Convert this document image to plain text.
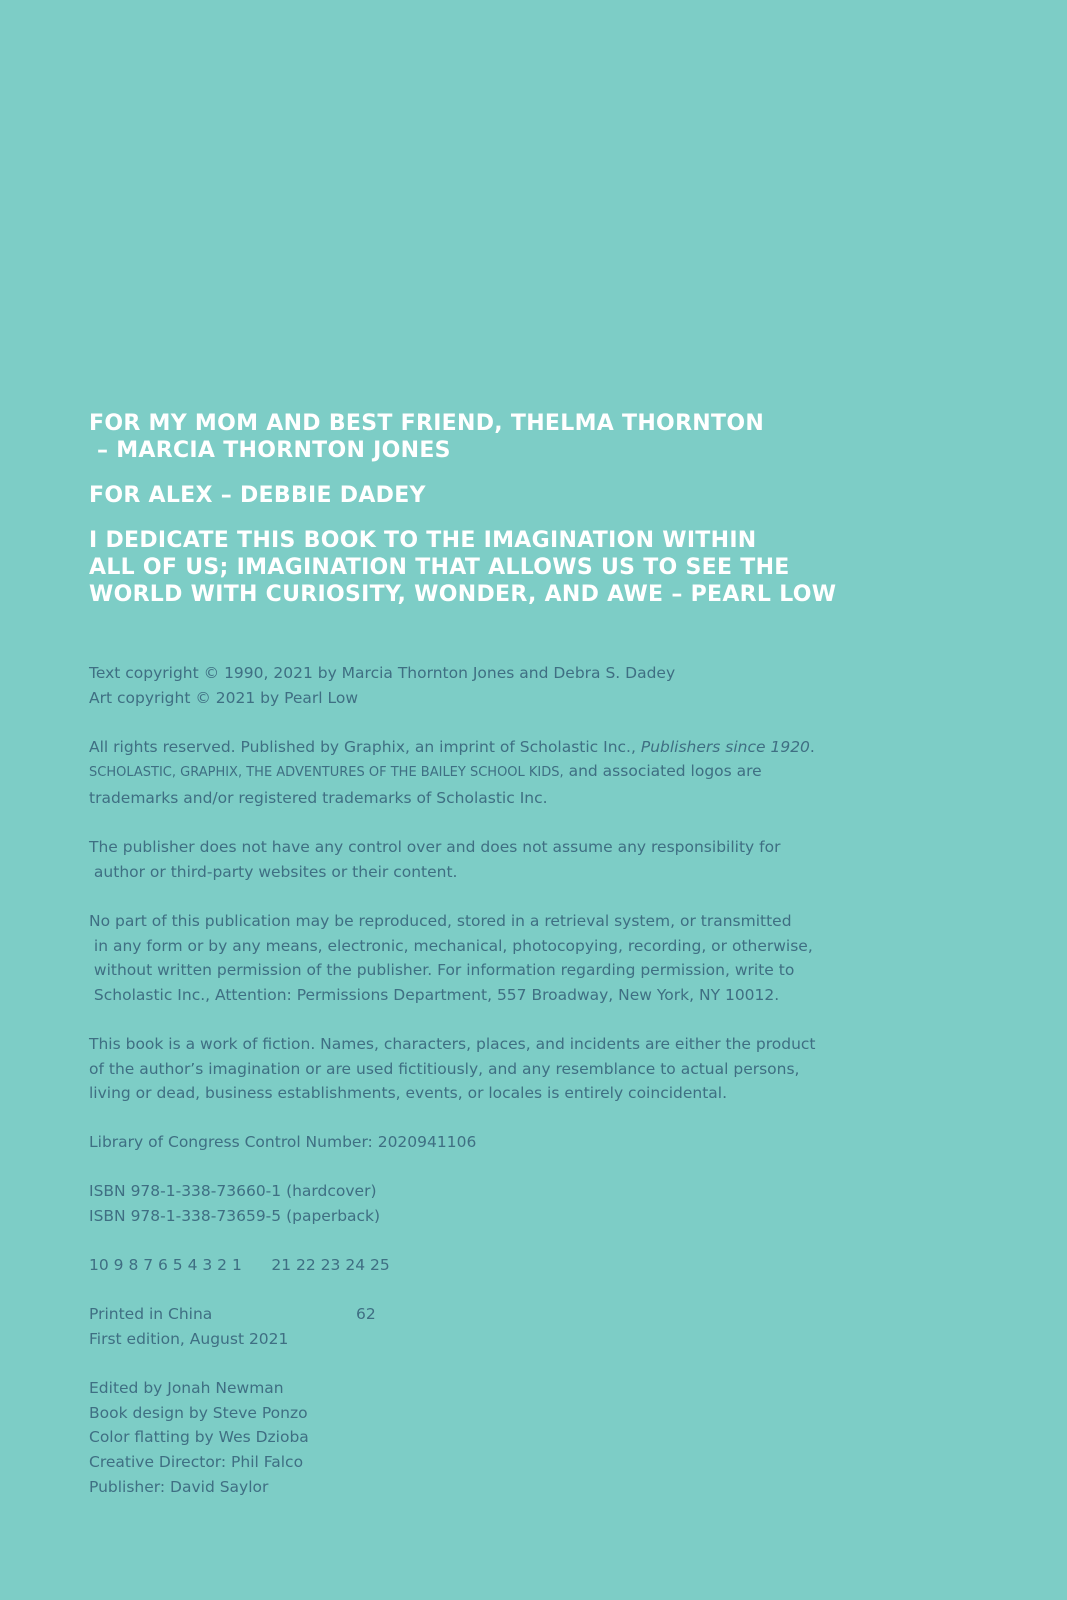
FOR MY MOM AND BEST FRIEND, THELMA THORNTON
– MARCIA THORNTON JONES
FOR ALEX – DEBBIE DADEY
I DEDICATE THIS BOOK TO THE IMAGINATION WITHIN
ALL OF US; IMAGINATION THAT ALLOWS US TO SEE THE
WORLD WITH CURIOSITY, WONDER, AND AWE – PEARL LOW

Text copyright © 1990, 2021 by Marcia Thornton Jones and Debra S. Dadey
Art copyright © 2021 by Pearl Low

All rights reserved. Published by Graphix, an imprint of Scholastic Inc., Publishers since 1920.
SCHOLASTIC, GRAPHIX, THE ADVENTURES OF THE BAILEY SCHOOL KIDS, and associated logos are
trademarks and/or registered trademarks of Scholastic Inc.

The publisher does not have any control over and does not assume any responsibility for
author or third-party websites or their content.

No part of this publication may be reproduced, stored in a retrieval system, or transmitted
in any form or by any means, electronic, mechanical, photocopying, recording, or otherwise,
without written permission of the publisher. For information regarding permission, write to
Scholastic Inc., Attention: Permissions Department, 557 Broadway, New York, NY 10012.

This book is a work of fiction. Names, characters, places, and incidents are either the product
of the author’s imagination or are used fictitiously, and any resemblance to actual persons,
living or dead, business establishments, events, or locales is entirely coincidental.

Library of Congress Control Number: 2020941106

ISBN 978-1-338-73660-1 (hardcover)
ISBN 978-1-338-73659-5 (paperback)

10 9 8 7 6 5 4 3 2 1      21 22 23 24 25

Printed in China	62
First edition, August 2021

Edited by Jonah Newman
Book design by Steve Ponzo
Color flatting by Wes Dzioba
Creative Director: Phil Falco
Publisher: David Saylor
